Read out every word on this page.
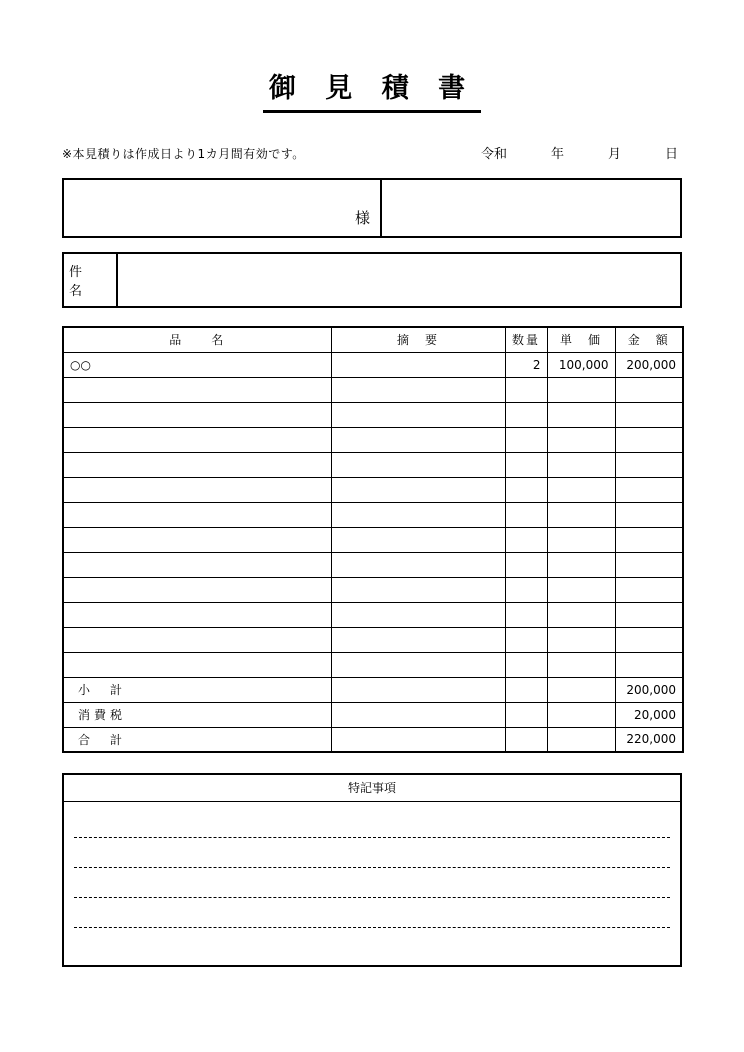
御 見 積 書
※本見積りは作成日より1カ月間有効です。	令和	年	月	日
様
件　名
品　　名	摘　要	数量	単　価	金　額
○○		2	100,000	200,000

小　計				200,000
消費税				20,000
合　計				220,000
特記事項
